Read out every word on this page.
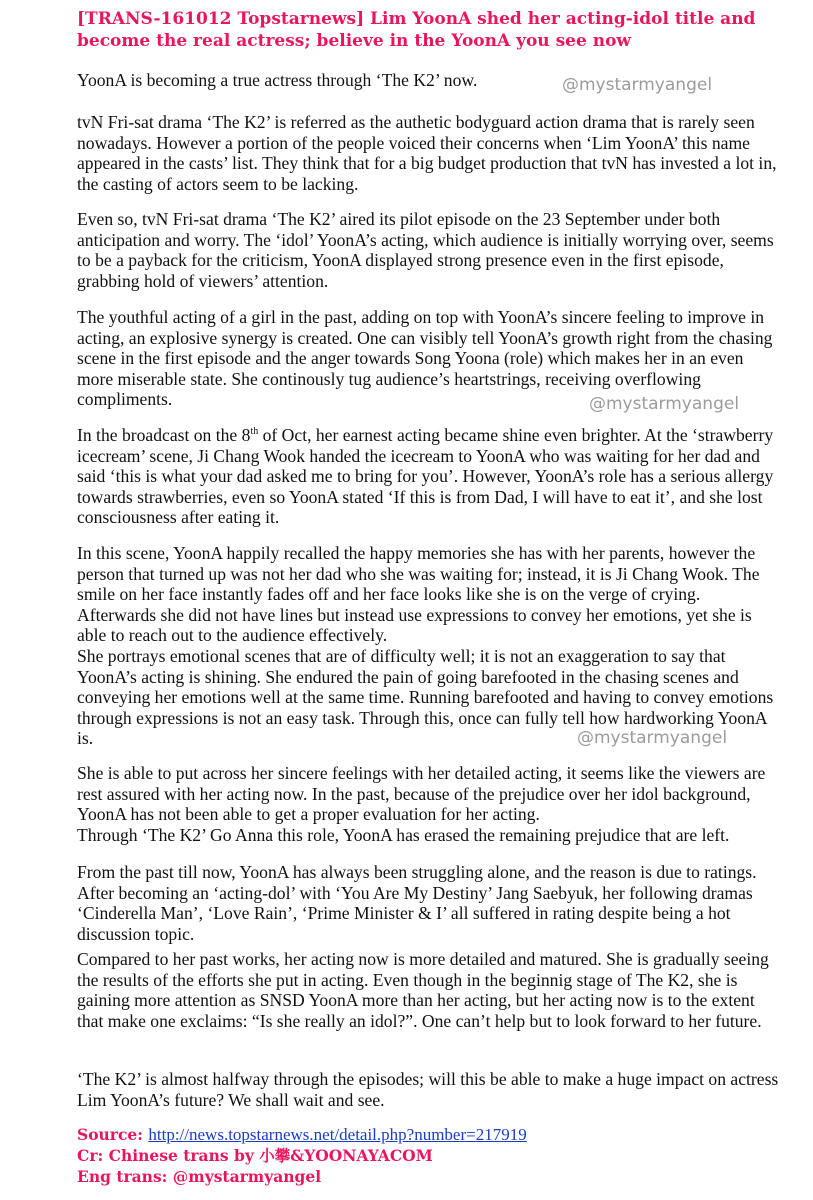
[TRANS-161012 Topstarnews] Lim YoonA shed her acting-idol title and become the real actress; believe in the YoonA you see now

YoonA is becoming a true actress through ‘The K2’ now.

tvN Fri-sat drama ‘The K2’ is referred as the authetic bodyguard action drama that is rarely seen nowadays. However a portion of the people voiced their concerns when ‘Lim YoonA’ this name appeared in the casts’ list. They think that for a big budget production that tvN has invested a lot in, the casting of actors seem to be lacking.

Even so, tvN Fri-sat drama ‘The K2’ aired its pilot episode on the 23 September under both anticipation and worry. The ‘idol’ YoonA’s acting, which audience is initially worrying over, seems to be a payback for the criticism, YoonA displayed strong presence even in the first episode, grabbing hold of viewers’ attention.

The youthful acting of a girl in the past, adding on top with YoonA’s sincere feeling to improve in acting, an explosive synergy is created. One can visibly tell YoonA’s growth right from the chasing scene in the first episode and the anger towards Song Yoona (role) which makes her in an even more miserable state. She continously tug audience’s heartstrings, receiving overflowing compliments.

In the broadcast on the 8th of Oct, her earnest acting became shine even brighter. At the ‘strawberry icecream’ scene, Ji Chang Wook handed the icecream to YoonA who was waiting for her dad and said ‘this is what your dad asked me to bring for you’. However, YoonA’s role has a serious allergy towards strawberries, even so YoonA stated ‘If this is from Dad, I will have to eat it’, and she lost consciousness after eating it.

In this scene, YoonA happily recalled the happy memories she has with her parents, however the person that turned up was not her dad who she was waiting for; instead, it is Ji Chang Wook. The smile on her face instantly fades off and her face looks like she is on the verge of crying. Afterwards she did not have lines but instead use expressions to convey her emotions, yet she is able to reach out to the audience effectively.

She portrays emotional scenes that are of difficulty well; it is not an exaggeration to say that YoonA’s acting is shining. She endured the pain of going barefooted in the chasing scenes and conveying her emotions well at the same time. Running barefooted and having to convey emotions through expressions is not an easy task. Through this, once can fully tell how hardworking YoonA is.

She is able to put across her sincere feelings with her detailed acting, it seems like the viewers are rest assured with her acting now. In the past, because of the prejudice over her idol background, YoonA has not been able to get a proper evaluation for her acting.

Through ‘The K2’ Go Anna this role, YoonA has erased the remaining prejudice that are left.

From the past till now, YoonA has always been struggling alone, and the reason is due to ratings. After becoming an ‘acting-dol’ with ‘You Are My Destiny’ Jang Saebyuk, her following dramas ‘Cinderella Man’, ‘Love Rain’, ‘Prime Minister & I’ all suffered in rating despite being a hot discussion topic.

Compared to her past works, her acting now is more detailed and matured. She is gradually seeing the results of the efforts she put in acting. Even though in the beginnig stage of The K2, she is gaining more attention as SNSD YoonA more than her acting, but her acting now is to the extent that make one exclaims: “Is she really an idol?”. One can’t help but to look forward to her future.

‘The K2’ is almost halfway through the episodes; will this be able to make a huge impact on actress Lim YoonA’s future? We shall wait and see.

@mystarmyangel
@mystarmyangel
@mystarmyangel
Source: http://news.topstarnews.net/detail.php?number=217919
Cr: Chinese trans by 小攀&YOONAYACOM
Eng trans: @mystarmyangel
